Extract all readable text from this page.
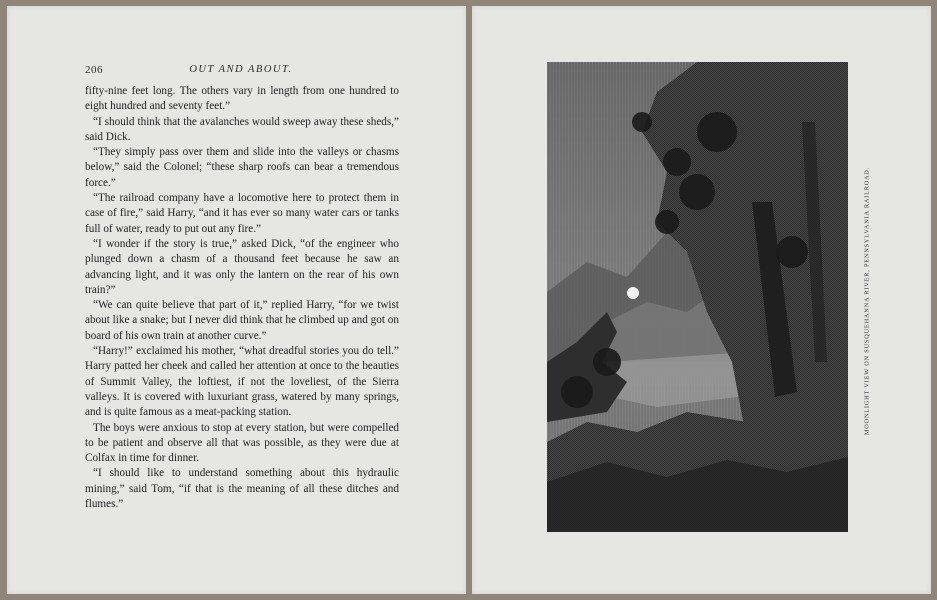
206	OUT AND ABOUT.

fifty-nine feet long. The others vary in length from one hundred to eight hundred and seventy feet.”

“I should think that the avalanches would sweep away these sheds,” said Dick.

“They simply pass over them and slide into the valleys or chasms below,” said the Colonel; “these sharp roofs can bear a tremendous force.”

“The railroad company have a locomotive here to protect them in case of fire,” said Harry, “and it has ever so many water cars or tanks full of water, ready to put out any fire.”

“I wonder if the story is true,” asked Dick, “of the engineer who plunged down a chasm of a thousand feet because he saw an advancing light, and it was only the lantern on the rear of his own train?”

“We can quite believe that part of it,” replied Harry, “for we twist about like a snake; but I never did think that he climbed up and got on board of his own train at another curve.”

“Harry!” exclaimed his mother, “what dreadful stories you do tell.” Harry patted her cheek and called her attention at once to the beauties of Summit Valley, the loftiest, if not the loveliest, of the Sierra valleys. It is covered with luxuriant grass, watered by many springs, and is quite famous as a meat-packing station.

The boys were anxious to stop at every station, but were compelled to be patient and observe all that was possible, as they were due at Colfax in time for dinner.

“I should like to understand something about this hydraulic mining,” said Tom, “if that is the meaning of all these ditches and flumes.”

MOONLIGHT VIEW ON SUSQUEHANNA RIVER, PENNSYLVANIA RAILROAD.
